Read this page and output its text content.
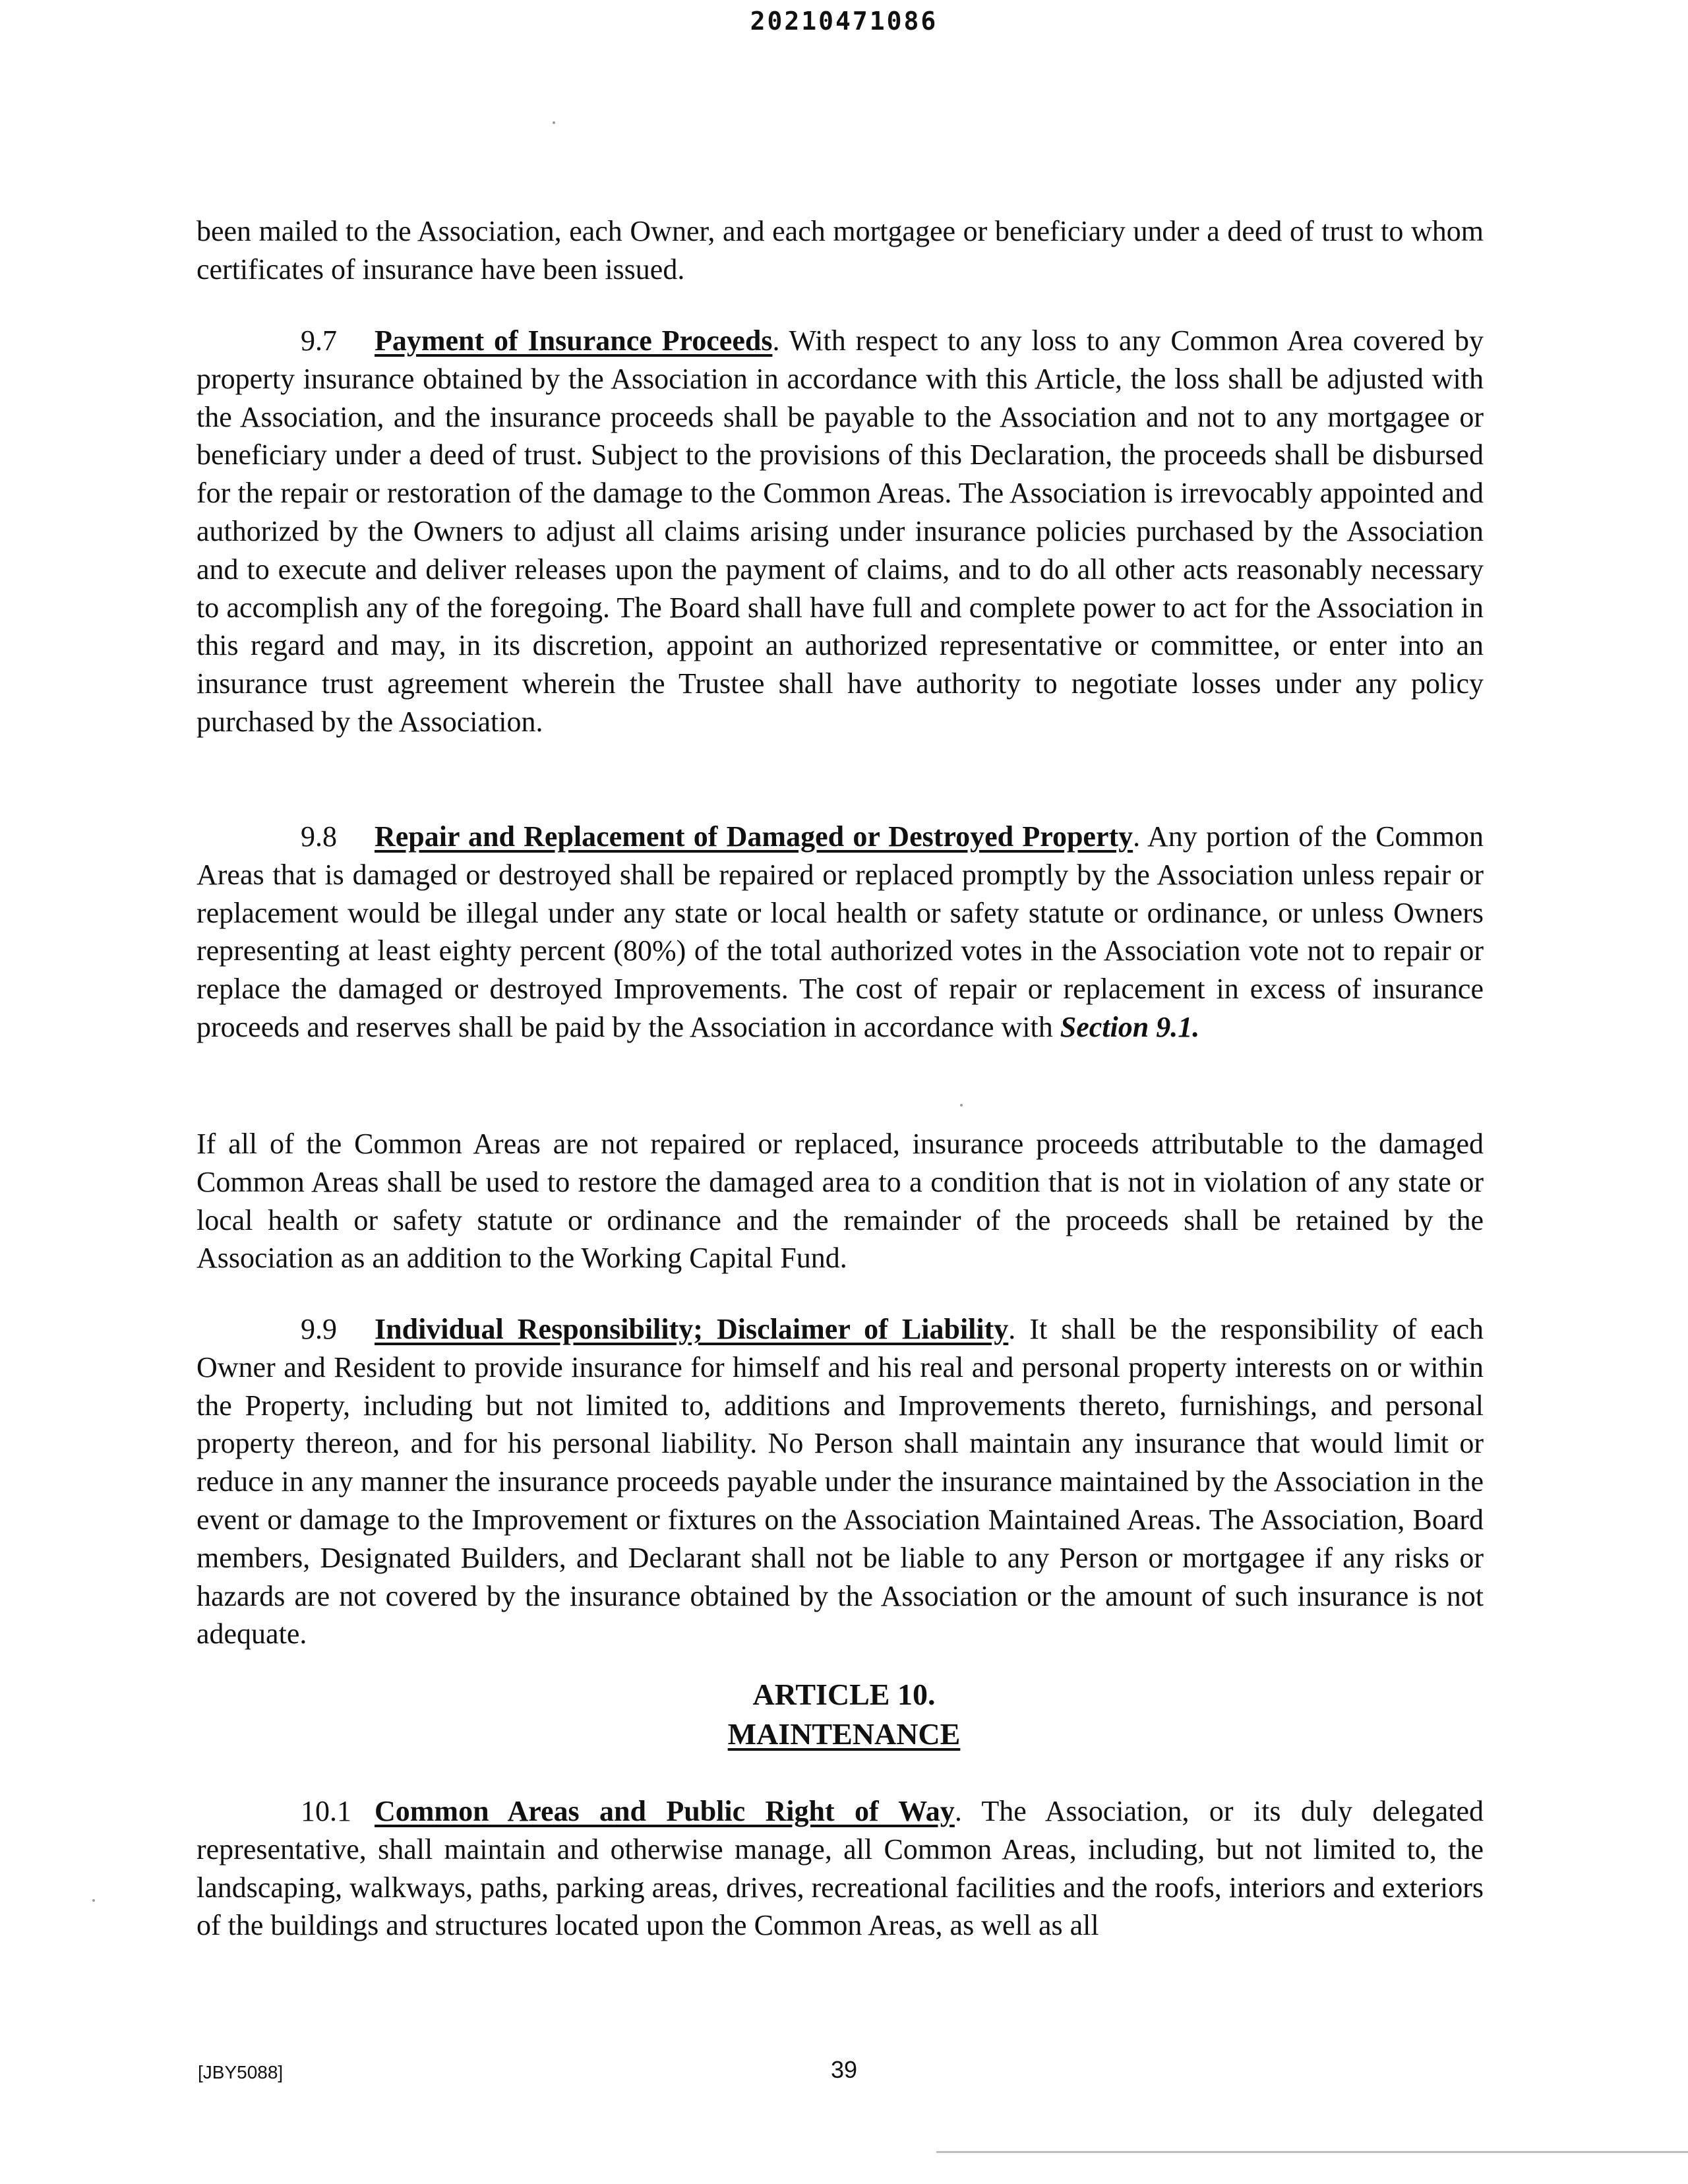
20210471086

been mailed to the Association, each Owner, and each mortgagee or beneficiary under a deed of trust to whom certificates of insurance have been issued.

9.7 Payment of Insurance Proceeds. With respect to any loss to any Common Area covered by property insurance obtained by the Association in accordance with this Article, the loss shall be adjusted with the Association, and the insurance proceeds shall be payable to the Association and not to any mortgagee or beneficiary under a deed of trust. Subject to the provisions of this Declaration, the proceeds shall be disbursed for the repair or restoration of the damage to the Common Areas. The Association is irrevocably appointed and authorized by the Owners to adjust all claims arising under insurance policies purchased by the Association and to execute and deliver releases upon the payment of claims, and to do all other acts reasonably necessary to accomplish any of the foregoing. The Board shall have full and complete power to act for the Association in this regard and may, in its discretion, appoint an authorized representative or committee, or enter into an insurance trust agreement wherein the Trustee shall have authority to negotiate losses under any policy purchased by the Association.

9.8 Repair and Replacement of Damaged or Destroyed Property. Any portion of the Common Areas that is damaged or destroyed shall be repaired or replaced promptly by the Association unless repair or replacement would be illegal under any state or local health or safety statute or ordinance, or unless Owners representing at least eighty percent (80%) of the total authorized votes in the Association vote not to repair or replace the damaged or destroyed Improvements. The cost of repair or replacement in excess of insurance proceeds and reserves shall be paid by the Association in accordance with Section 9.1.

If all of the Common Areas are not repaired or replaced, insurance proceeds attributable to the damaged Common Areas shall be used to restore the damaged area to a condition that is not in violation of any state or local health or safety statute or ordinance and the remainder of the proceeds shall be retained by the Association as an addition to the Working Capital Fund.

9.9 Individual Responsibility; Disclaimer of Liability. It shall be the responsibility of each Owner and Resident to provide insurance for himself and his real and personal property interests on or within the Property, including but not limited to, additions and Improvements thereto, furnishings, and personal property thereon, and for his personal liability. No Person shall maintain any insurance that would limit or reduce in any manner the insurance proceeds payable under the insurance maintained by the Association in the event or damage to the Improvement or fixtures on the Association Maintained Areas. The Association, Board members, Designated Builders, and Declarant shall not be liable to any Person or mortgagee if any risks or hazards are not covered by the insurance obtained by the Association or the amount of such insurance is not adequate.

ARTICLE 10.
MAINTENANCE

10.1 Common Areas and Public Right of Way. The Association, or its duly delegated representative, shall maintain and otherwise manage, all Common Areas, including, but not limited to, the landscaping, walkways, paths, parking areas, drives, recreational facilities and the roofs, interiors and exteriors of the buildings and structures located upon the Common Areas, as well as all

[JBY5088]	39
